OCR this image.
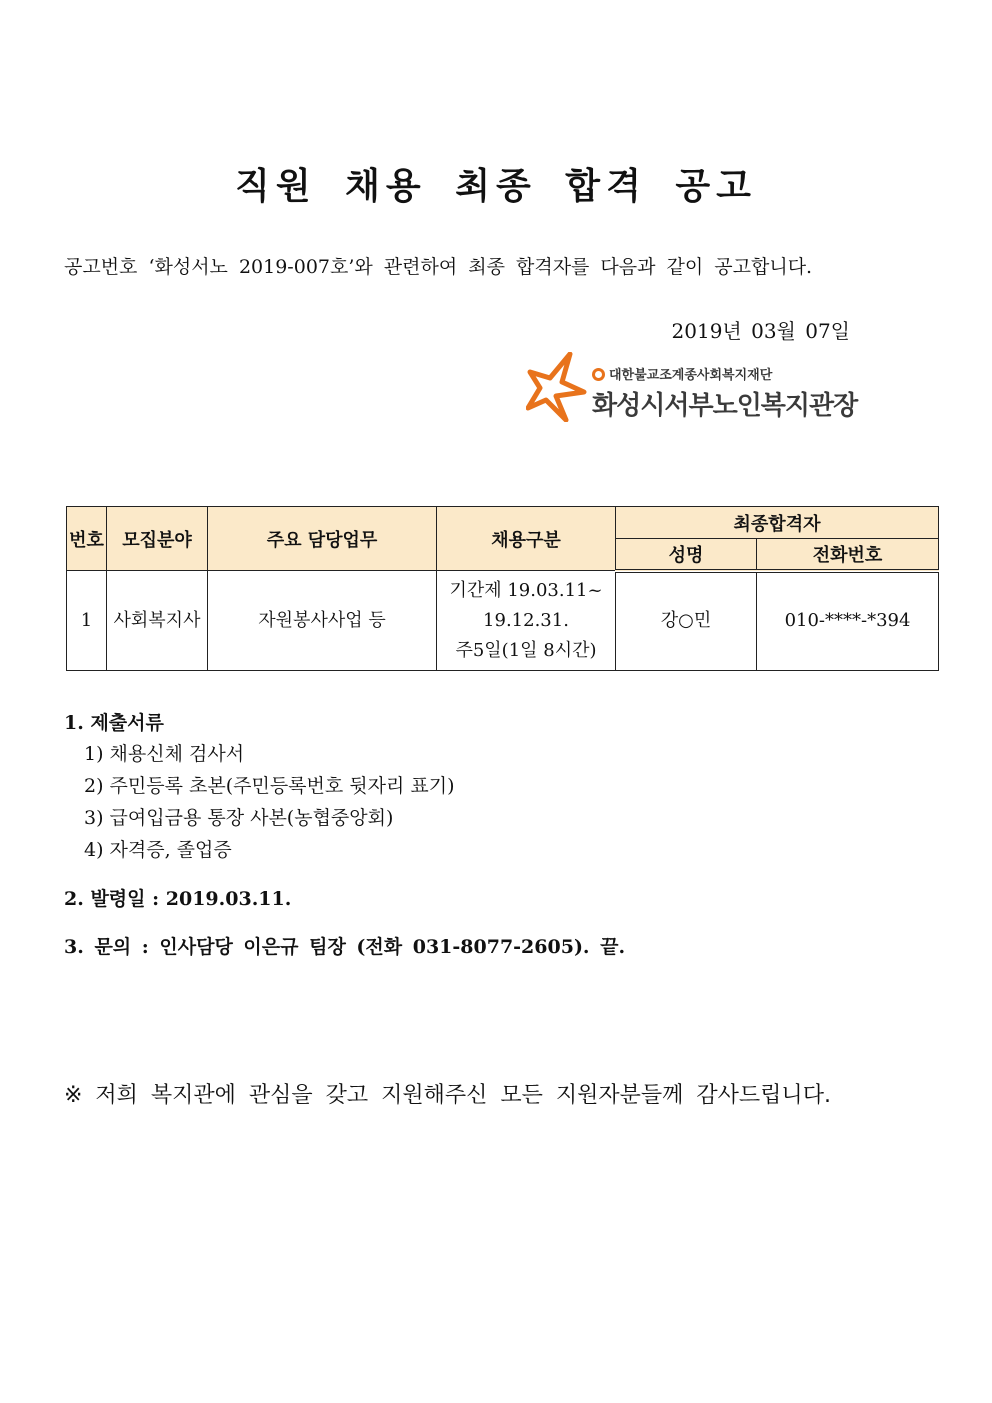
직원 채용 최종 합격 공고
공고번호 ‘화성서노 2019-007호’와 관련하여 최종 합격자를 다음과 같이 공고합니다.
2019년 03월 07일
대한불교조계종사회복지재단
화성시서부노인복지관장
번호	모집분야	주요 담당업무	채용구분	최종합격자	
				성명	전화번호
1	사회복지사	자원봉사사업 등	기간제 19.03.11~
19.12.31.
주5일(1일 8시간)	강○민	010-****-*394
1. 제출서류
1) 채용신체 검사서
2) 주민등록 초본(주민등록번호 뒷자리 표기)
3) 급여입금용 통장 사본(농협중앙회)
4) 자격증, 졸업증
2. 발령일 : 2019.03.11.
3. 문의 : 인사담당 이은규 팀장 (전화 031-8077-2605). 끝.
※ 저희 복지관에 관심을 갖고 지원해주신 모든 지원자분들께 감사드립니다.
